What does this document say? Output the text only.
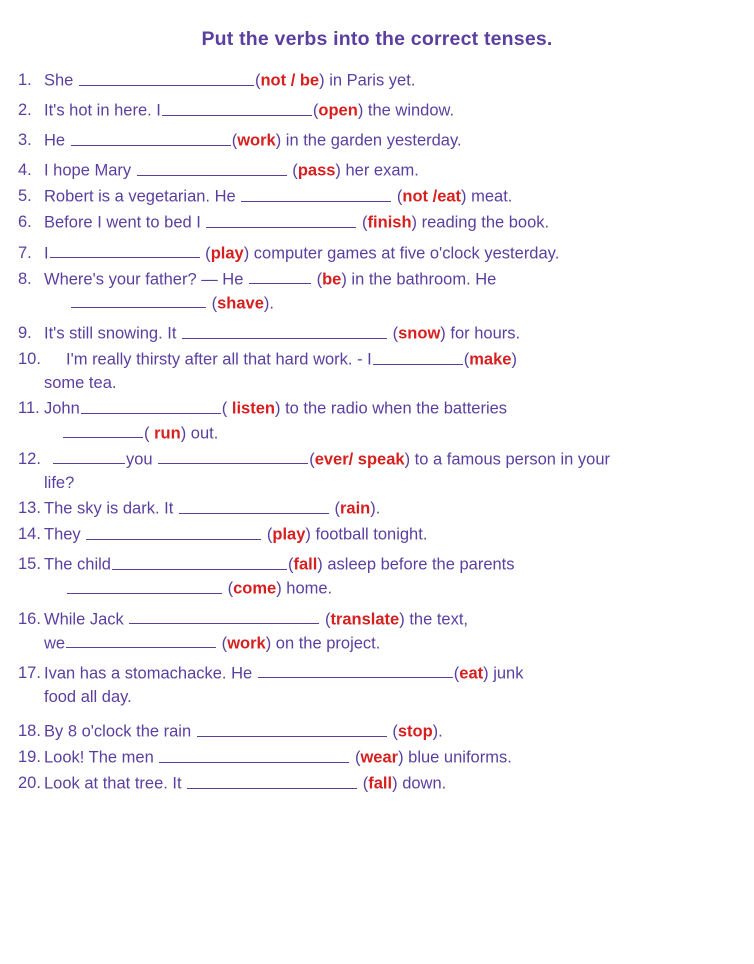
Put the verbs into the correct tenses.
1. She	(not / be) in Paris yet.
2. It's hot in here. I	(open) the window.
3. He	(work) in the garden yesterday.
4. I hope Mary	(pass) her exam.
5. Robert is a vegetarian. He	(not /eat) meat.
6. Before I went to bed I	(finish) reading the book.
7. I	(play) computer games at five o'clock yesterday.
8. Where's your father? — He	(be) in the bathroom. He
(shave).
9. It's still snowing. It	(snow) for hours.
10.	I'm really thirsty after all that hard work. - I	(make)
some tea.
11. John	( listen) to the radio when the batteries
( run) out.
12.	you	(ever/ speak) to a famous person in your
life?
13. The sky is dark. It	(rain).
14. They	(play) football tonight.
15. The child	(fall) asleep before the parents
(come) home.
16. While Jack	(translate) the text,
we	(work) on the project.
17. Ivan has a stomachacke. He	(eat) junk
food all day.
18. By 8 o'clock the rain	(stop).
19. Look! The men	(wear) blue uniforms.
20. Look at that tree. It	(fall) down.
